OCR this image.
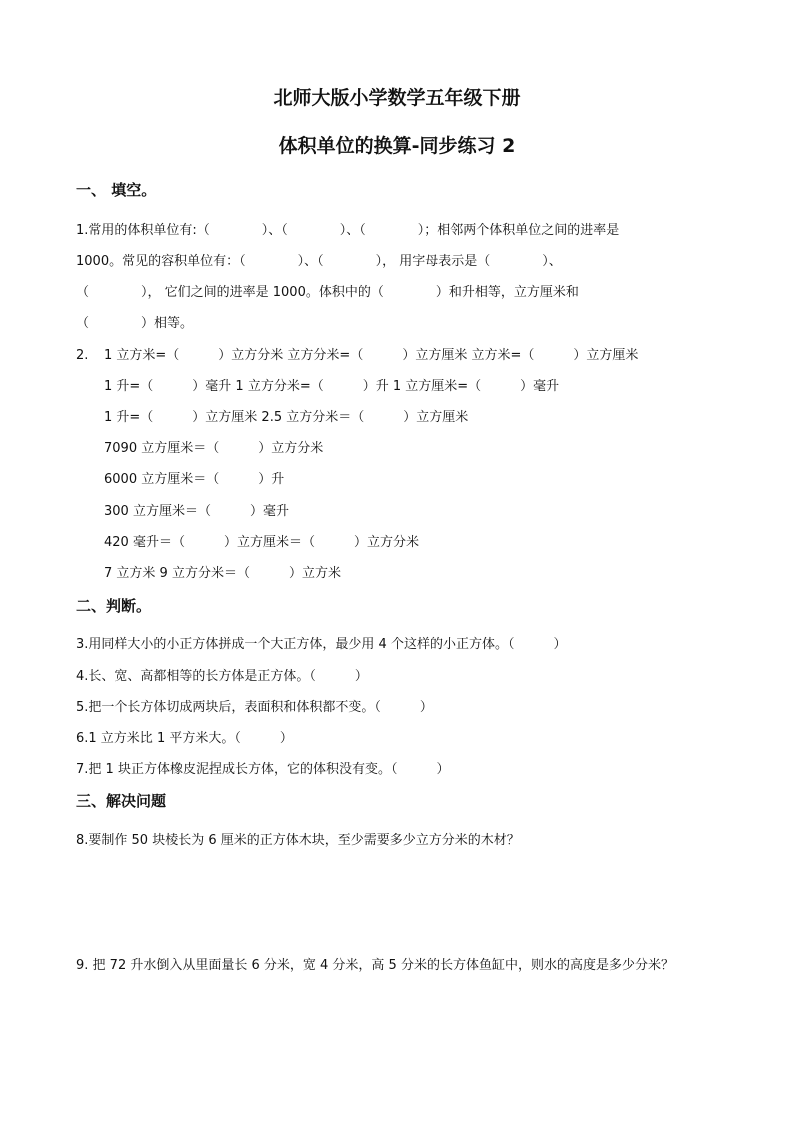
北师大版小学数学五年级下册
体积单位的换算-同步练习 2
一、 填空。
1.常用的体积单位有:（　　　　）、（　　　　）、（　　　　）；相邻两个体积单位之间的进率是
1000。常见的容积单位有：（　　　　）、（　　　　）， 用字母表示是（　　　　）、
（　　　　）， 它们之间的进率是 1000。体积中的（　　　　）和升相等，立方厘米和
（　　　　）相等。
2. 1 立方米=（　　　）立方分米 立方分米=（　　　）立方厘米 立方米=（　　　）立方厘米
1 升=（　　　）毫升 1 立方分米=（　　　）升 1 立方厘米=（　　　）毫升
1 升=（　　　）立方厘米 2.5 立方分米＝（　　　）立方厘米
7090 立方厘米＝（　　　）立方分米
6000 立方厘米＝（　　　）升
300 立方厘米＝（　　　）毫升
420 毫升＝（　　　）立方厘米＝（　　　）立方分米
7 立方米 9 立方分米＝（　　　）立方米
二、判断。
3.用同样大小的小正方体拼成一个大正方体，最少用 4 个这样的小正方体。（　　　）
4.长、宽、高都相等的长方体是正方体。（　　　）
5.把一个长方体切成两块后，表面积和体积都不变。（　　　）
6.1 立方米比 1 平方米大。（　　　）
7.把 1 块正方体橡皮泥捏成长方体，它的体积没有变。（　　　）
三、解决问题
8.要制作 50 块棱长为 6 厘米的正方体木块，至少需要多少立方分米的木材？
9. 把 72 升水倒入从里面量长 6 分米，宽 4 分米，高 5 分米的长方体鱼缸中，则水的高度是多少分米？
